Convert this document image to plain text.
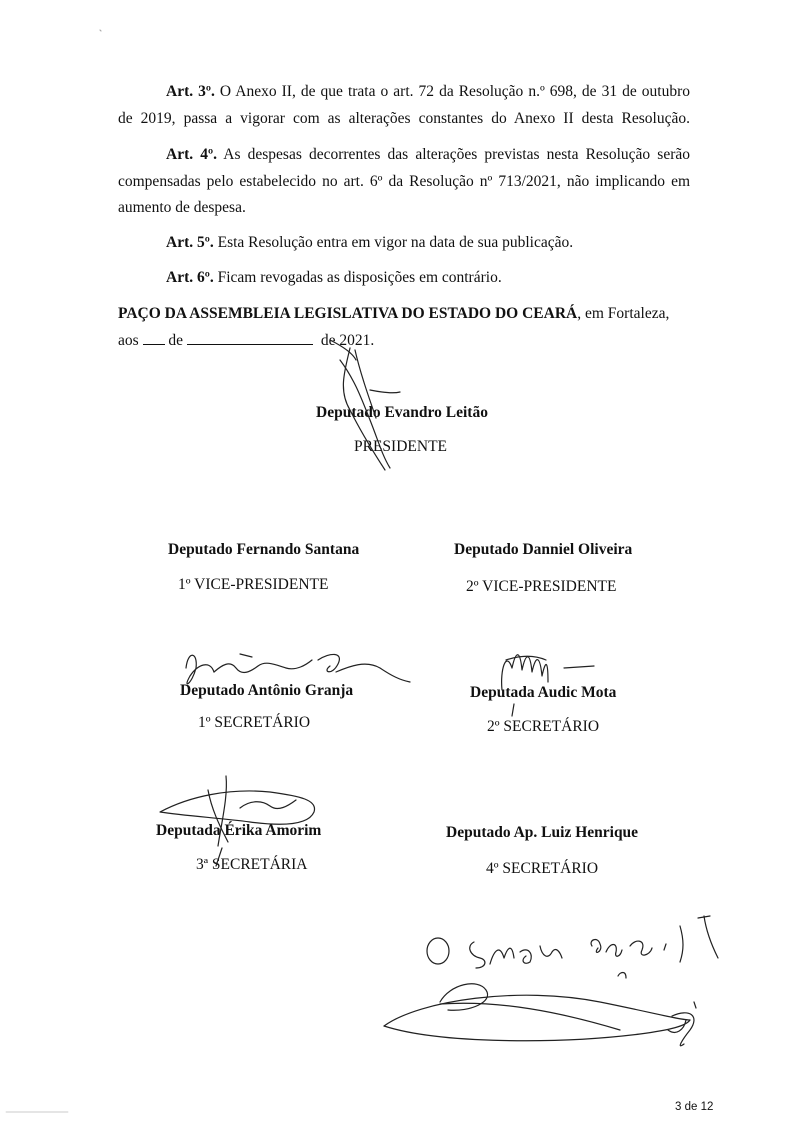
Art. 3º. O Anexo II, de que trata o art. 72 da Resolução n.º 698, de 31 de outubro
de 2019, passa a vigorar com as alterações constantes do Anexo II desta Resolução.
Art. 4º. As despesas decorrentes das alterações previstas nesta Resolução serão
compensadas pelo estabelecido no art. 6º da Resolução nº 713/2021, não implicando em
aumento de despesa.
Art. 5º. Esta Resolução entra em vigor na data de sua publicação.
Art. 6º. Ficam revogadas as disposições em contrário.
PAÇO DA ASSEMBLEIA LEGISLATIVA DO ESTADO DO CEARÁ, em Fortaleza,
aos de	de 2021.
Deputado Evandro Leitão
PRESIDENTE
Deputado Fernando Santana
1º VICE-PRESIDENTE
Deputado Danniel Oliveira
2º VICE-PRESIDENTE
Deputado Antônio Granja
1º SECRETÁRIO
Deputada Audic Mota
2º SECRETÁRIO
Deputada Érika Amorim
3ª SECRETÁRIA
Deputado Ap. Luiz Henrique
4º SECRETÁRIO
3 de 12
